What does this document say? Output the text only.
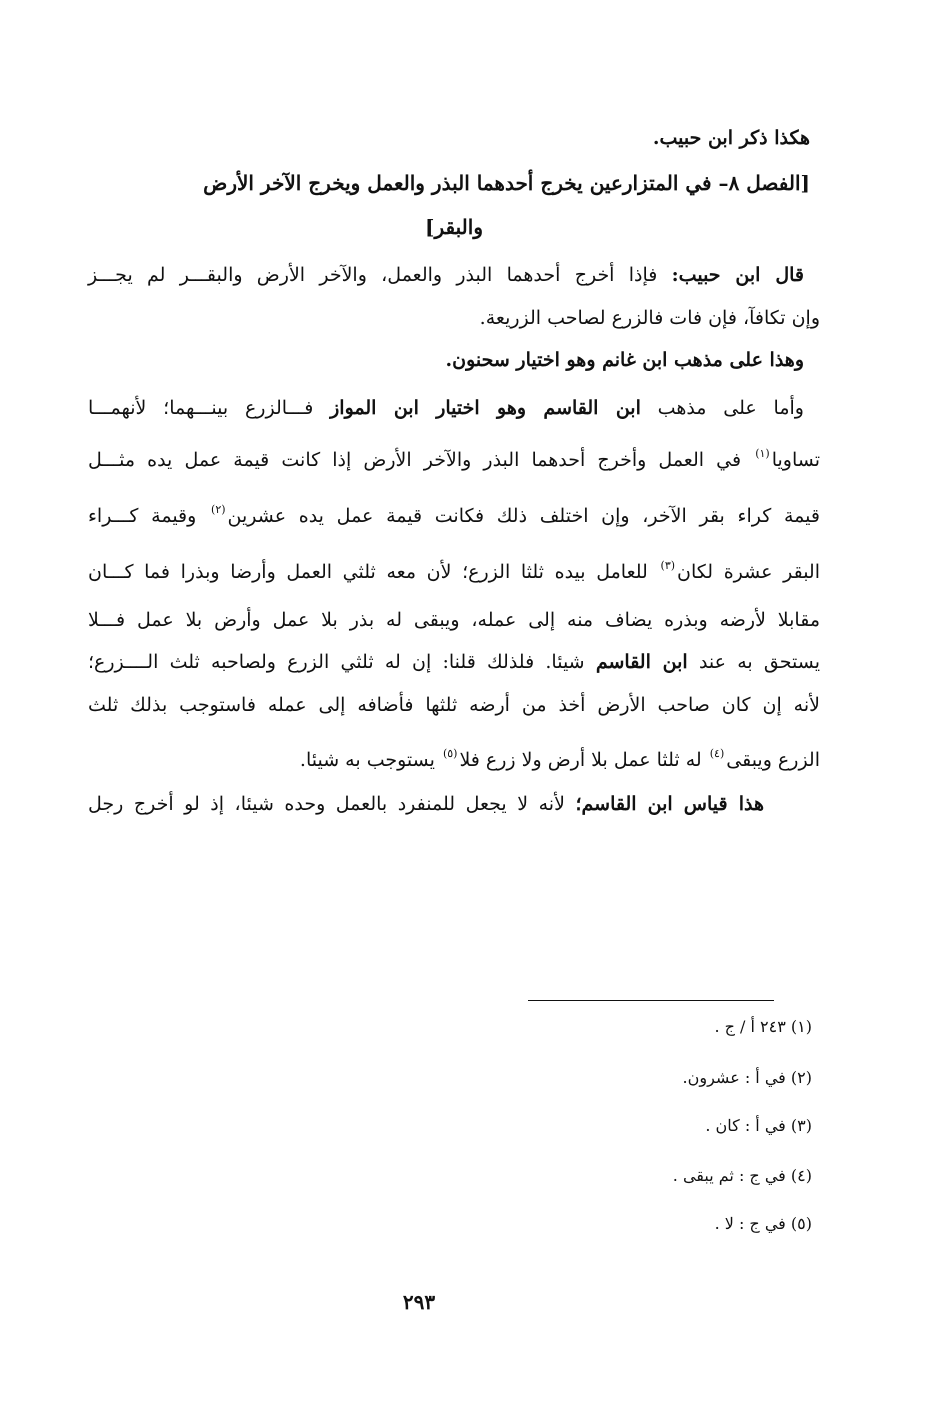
هكذا ذكر ابن حبيب.
[الفصل ٨– في المتزارعين يخرج أحدهما البذر والعمل ويخرج الآخر الأرض
والبقر]
قال ابن حبيب: فإذا أخرج أحدهما البذر والعمل، والآخر الأرض والبقـــر لم يجـــز
وإن تكافآ، فإن فات فالزرع لصاحب الزريعة.
وهذا على مذهب ابن غانم وهو اختيار سحنون.
وأما على مذهب ابن القاسم وهو اختيار ابن المواز فـــالزرع بينـــهما؛ لأنهمـــا
تساويا$^{(١)}$ في العمل وأخرج أحدهما البذر والآخر الأرض إذا كانت قيمة عمل يده مثـــل
قيمة كراء بقر الآخر، وإن اختلف ذلك فكانت قيمة عمل يده عشرين$^{(٢)}$ وقيمة كـــراء
البقر عشرة لكان$^{(٣)}$ للعامل بيده ثلثا الزرع؛ لأن معه ثلثي العمل وأرضا وبذرا فما كـــان
مقابلا لأرضه وبذره يضاف منه إلى عمله، ويبقى له بذر بلا عمل وأرض بلا عمل فـــلا
يستحق به عند ابن القاسم شيئا. فلذلك قلنا: إن له ثلثي الزرع ولصاحبه ثلث الــــزرع؛
لأنه إن كان صاحب الأرض أخذ من أرضه ثلثها فأضافه إلى عمله فاستوجب بذلك ثلث
الزرع ويبقى$^{(٤)}$ له ثلثا عمل بلا أرض ولا زرع فلا$^{(٥)}$ يستوجب به شيئا.
هذا قياس ابن القاسم؛ لأنه لا يجعل للمنفرد بالعمل وحده شيئا، إذ لو أخرج رجل
(١) ٢٤٣ أ / ج .
(٢) في أ : عشرون.
(٣) في أ : كان .
(٤) في ج : ثم يبقى .
(٥) في ج : لا .
٢٩٣
